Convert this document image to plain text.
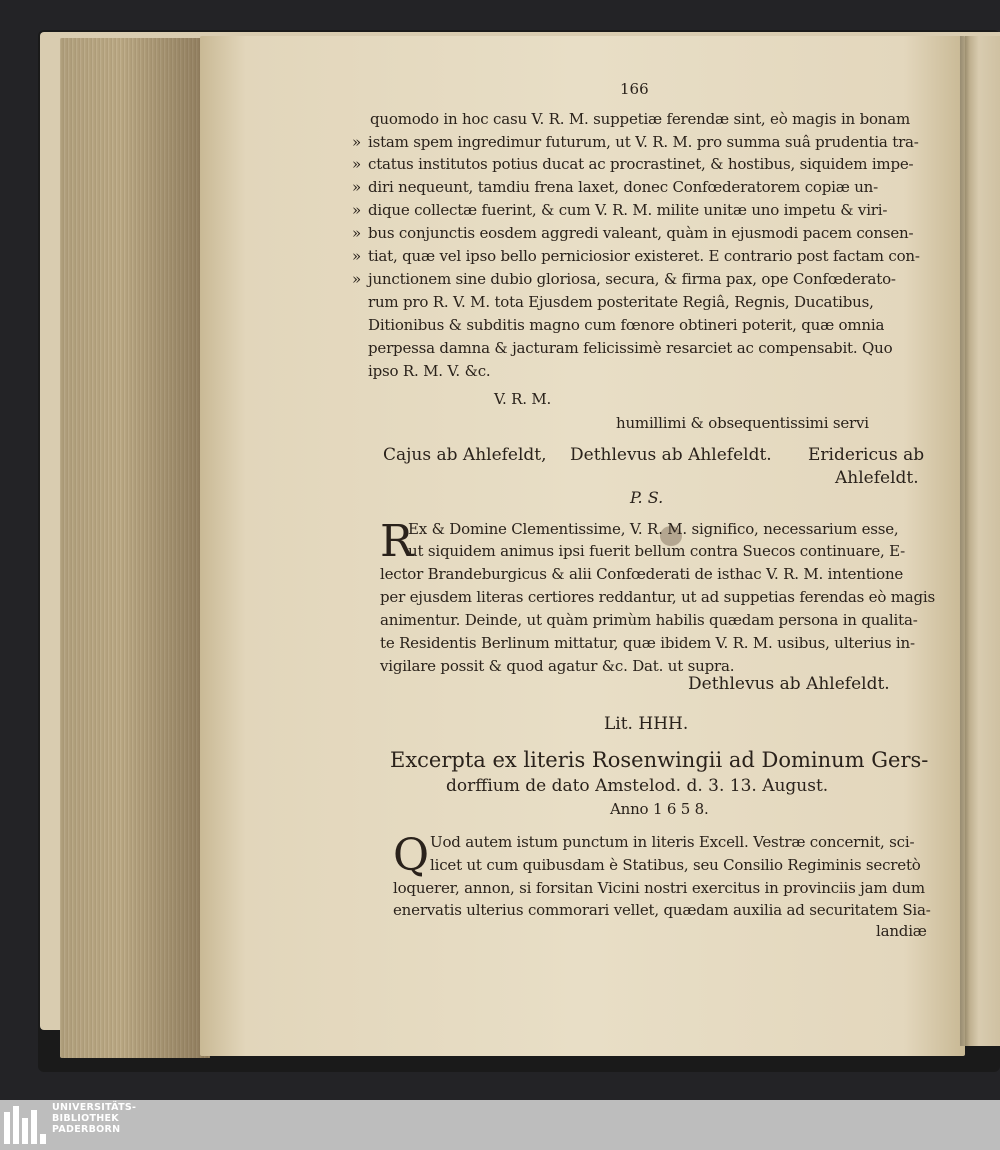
166
quomodo in hoc casu V. R. M. suppetiæ ferendæ sint, eò magis in bonam
» istam spem ingredimur futurum, ut V. R. M. pro summa suâ prudentia tra-
» ctatus institutos potius ducat ac procrastinet, & hostibus, siquidem impe-
» diri nequeunt, tamdiu frena laxet, donec Confœderatorem copiæ un-
» dique collectæ fuerint, & cum V. R. M. milite unitæ uno impetu & viri-
» bus conjunctis eosdem aggredi valeant, quàm in ejusmodi pacem consen-
» tiat, quæ vel ipso bello perniciosior existeret. E contrario post factam con-
» junctionem sine dubio gloriosa, secura, & firma pax, ope Confœderato-
rum pro R. V. M. tota Ejusdem posteritate Regiâ, Regnis, Ducatibus,
Ditionibus & subditis magno cum fœnore obtineri poterit, quæ omnia
perpessa damna & jacturam felicissimè resarciet ac compensabit. Quo
ipso R. M. V. &c.
V. R. M.
humillimi & obsequentissimi servi
Cajus ab Ahlefeldt, Dethlevus ab Ahlefeldt. Eridericus ab
Ahlefeldt.
P. S.
R
Ex & Domine Clementissime, V. R. M. significo, necessarium esse,
ut siquidem animus ipsi fuerit bellum contra Suecos continuare, E-
lector Brandeburgicus & alii Confœderati de isthac V. R. M. intentione
per ejusdem literas certiores reddantur, ut ad suppetias ferendas eò magis
animentur. Deinde, ut quàm primùm habilis quædam persona in qualita-
te Residentis Berlinum mittatur, quæ ibidem V. R. M. usibus, ulterius in-
vigilare possit & quod agatur &c. Dat. ut supra.
Dethlevus ab Ahlefeldt.
Lit. HHH.
Excerpta ex literis Rosenwingii ad Dominum Gers-
dorffium de dato Amstelod. d. 3. 13. August.
Anno 1 6 5 8.
Q Uod autem istum punctum in literis Excell. Vestræ concernit, sci-
licet ut cum quibusdam è Statibus, seu Consilio Regiminis secretò
loquerer, annon, si forsitan Vicini nostri exercitus in provinciis jam dum
enervatis ulterius commorari vellet, quædam auxilia ad securitatem Sia-
landiæ
UNIVERSITÄTS-
BIBLIOTHEK
PADERBORN
